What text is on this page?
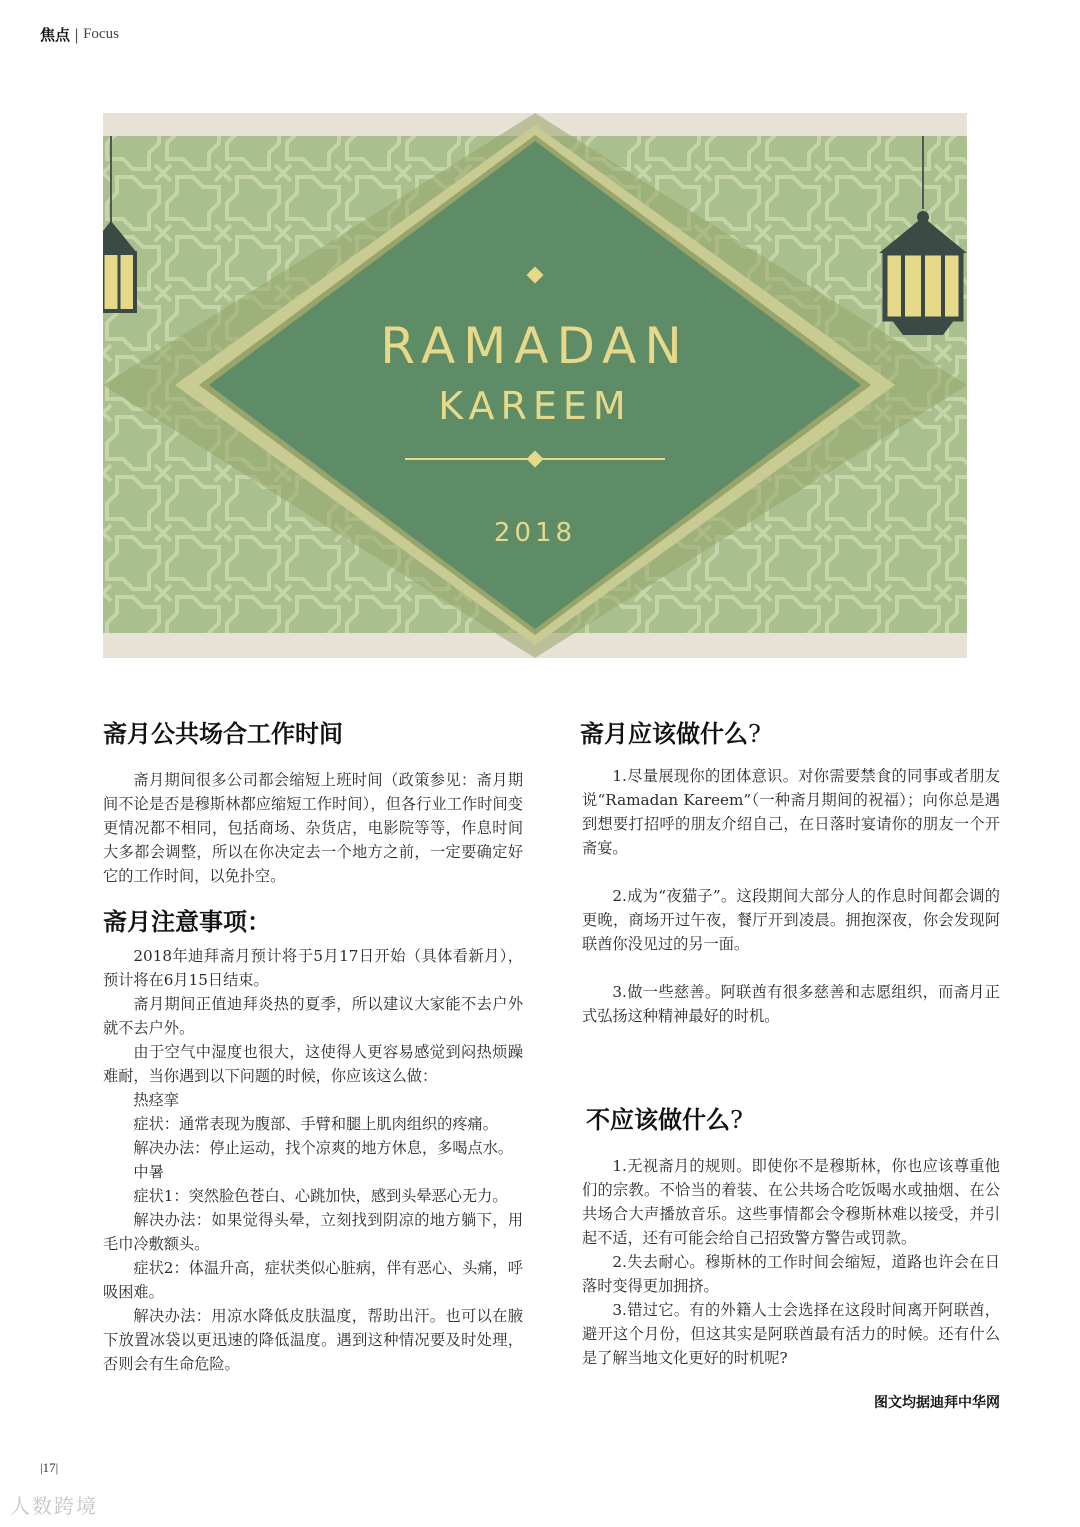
焦点 | Focus
RAMADAN
KAREEM
2018
斋月公共场合工作时间

斋月期间很多公司都会缩短上班时间（政策参见：斋月期间不论是否是穆斯林都应缩短工作时间），但各行业工作时间变更情况都不相同，包括商场、杂货店，电影院等等，作息时间大多都会调整，所以在你决定去一个地方之前，一定要确定好它的工作时间，以免扑空。

斋月注意事项：

2018年迪拜斋月预计将于5月17日开始（具体看新月），预计将在6月15日结束。

斋月期间正值迪拜炎热的夏季，所以建议大家能不去户外就不去户外。

由于空气中湿度也很大，这使得人更容易感觉到闷热烦躁难耐，当你遇到以下问题的时候，你应该这么做：

热痉挛

症状：通常表现为腹部、手臂和腿上肌肉组织的疼痛。

解决办法：停止运动，找个凉爽的地方休息，多喝点水。

中暑

症状1：突然脸色苍白、心跳加快，感到头晕恶心无力。

解决办法：如果觉得头晕，立刻找到阴凉的地方躺下，用毛巾冷敷额头。

症状2：体温升高，症状类似心脏病，伴有恶心、头痛，呼吸困难。

解决办法：用凉水降低皮肤温度，帮助出汗。也可以在腋下放置冰袋以更迅速的降低温度。遇到这种情况要及时处理，否则会有生命危险。

斋月应该做什么?

1.尽量展现你的团体意识。对你需要禁食的同事或者朋友说“Ramadan Kareem”（一种斋月期间的祝福）；向你总是遇到想要打招呼的朋友介绍自己，在日落时宴请你的朋友一个开斋宴。

2.成为“夜猫子”。这段期间大部分人的作息时间都会调的更晚，商场开过午夜，餐厅开到凌晨。拥抱深夜，你会发现阿联酋你没见过的另一面。

3.做一些慈善。阿联酋有很多慈善和志愿组织，而斋月正式弘扬这种精神最好的时机。

不应该做什么?

1.无视斋月的规则。即使你不是穆斯林，你也应该尊重他们的宗教。不恰当的着装、在公共场合吃饭喝水或抽烟、在公共场合大声播放音乐。这些事情都会令穆斯林难以接受，并引起不适，还有可能会给自己招致警方警告或罚款。

2.失去耐心。穆斯林的工作时间会缩短，道路也许会在日落时变得更加拥挤。

3.错过它。有的外籍人士会选择在这段时间离开阿联酋，避开这个月份，但这其实是阿联酋最有活力的时候。还有什么是了解当地文化更好的时机呢?

图文均据迪拜中华网
|17|
人数跨境
